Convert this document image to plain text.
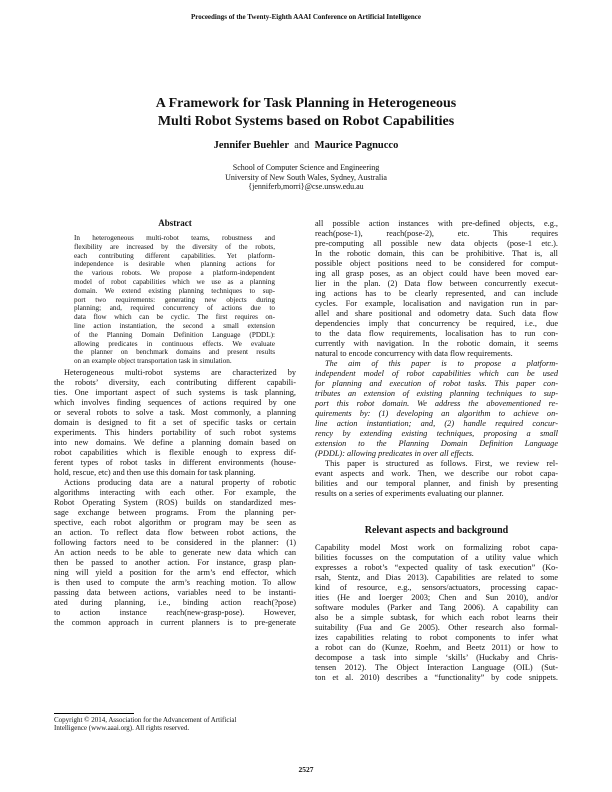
Proceedings of the Twenty-Eighth AAAI Conference on Artificial Intelligence
A Framework for Task Planning in Heterogeneous
Multi Robot Systems based on Robot Capabilities
Jennifer Buehler and Maurice Pagnucco
School of Computer Science and Engineering
University of New South Wales, Sydney, Australia
{jenniferb,morri}@cse.unsw.edu.au
Abstract
In heterogeneous multi-robot teams, robustness and
flexibility are increased by the diversity of the robots,
each contributing different capabilities. Yet platform-
independence is desirable when planning actions for
the various robots. We propose a platform-independent
model of robot capabilities which we use as a planning
domain. We extend existing planning techniques to sup-
port two requirements: generating new objects during
planning; and, required concurrency of actions due to
data flow which can be cyclic. The first requires on-
line action instantiation, the second a small extension
of the Planning Domain Definition Language (PDDL):
allowing predicates in continuous effects. We evaluate
the planner on benchmark domains and present results
on an example object transportation task in simulation.
Heterogeneous multi-robot systems are characterized by
the robots’ diversity, each contributing different capabili-
ties. One important aspect of such systems is task planning,
which involves finding sequences of actions required by one
or several robots to solve a task. Most commonly, a planning
domain is designed to fit a set of specific tasks or certain
experiments. This hinders portability of such robot systems
into new domains. We define a planning domain based on
robot capabilities which is flexible enough to express dif-
ferent types of robot tasks in different environments (house-
hold, rescue, etc) and then use this domain for task planning.
Actions producing data are a natural property of robotic
algorithms interacting with each other. For example, the
Robot Operating System (ROS) builds on standardized mes-
sage exchange between programs. From the planning per-
spective, each robot algorithm or program may be seen as
an action. To reflect data flow between robot actions, the
following factors need to be considered in the planner: (1)
An action needs to be able to generate new data which can
then be passed to another action. For instance, grasp plan-
ning will yield a position for the arm’s end effector, which
is then used to compute the arm’s reaching motion. To allow
passing data between actions, variables need to be instanti-
ated during planning, i.e., binding action reach(?pose)
to action instance reach(new-grasp-pose). However,
the common approach in current planners is to pre-generate
Copyright © 2014, Association for the Advancement of Artificial
Intelligence (www.aaai.org). All rights reserved.
all possible action instances with pre-defined objects, e.g.,
reach(pose-1), reach(pose-2), etc. This requires
pre-computing all possible new data objects (pose-1 etc.).
In the robotic domain, this can be prohibitive. That is, all
possible object positions need to be considered for comput-
ing all grasp poses, as an object could have been moved ear-
lier in the plan. (2) Data flow between concurrently execut-
ing actions has to be clearly represented, and can include
cycles. For example, localisation and navigation run in par-
allel and share positional and odometry data. Such data flow
dependencies imply that concurrency be required, i.e., due
to the data flow requirements, localisation has to run con-
currently with navigation. In the robotic domain, it seems
natural to encode concurrency with data flow requirements.
The aim of this paper is to propose a platform-
independent model of robot capabilities which can be used
for planning and execution of robot tasks. This paper con-
tributes an extension of existing planning techniques to sup-
port this robot domain. We address the abovementioned re-
quirements by: (1) developing an algorithm to achieve on-
line action instantiation; and, (2) handle required concur-
rency by extending existing techniques, proposing a small
extension to the Planning Domain Definition Language
(PDDL): allowing predicates in over all effects.
This paper is structured as follows. First, we review rel-
evant aspects and work. Then, we describe our robot capa-
bilities and our temporal planner, and finish by presenting
results on a series of experiments evaluating our planner.
Relevant aspects and background
Capability model Most work on formalizing robot capa-
bilities focusses on the computation of a utility value which
expresses a robot’s “expected quality of task execution” (Ko-
rsah, Stentz, and Dias 2013). Capabilities are related to some
kind of resource, e.g., sensors/actuators, processing capac-
ities (He and Ioerger 2003; Chen and Sun 2010), and/or
software modules (Parker and Tang 2006). A capability can
also be a simple subtask, for which each robot learns their
suitability (Fua and Ge 2005). Other research also formal-
izes capabilities relating to robot components to infer what
a robot can do (Kunze, Roehm, and Beetz 2011) or how to
decompose a task into simple ‘skills’ (Huckaby and Chris-
tensen 2012). The Object Interaction Language (OIL) (Sut-
ton et al. 2010) describes a “functionality” by code snippets.
2527
